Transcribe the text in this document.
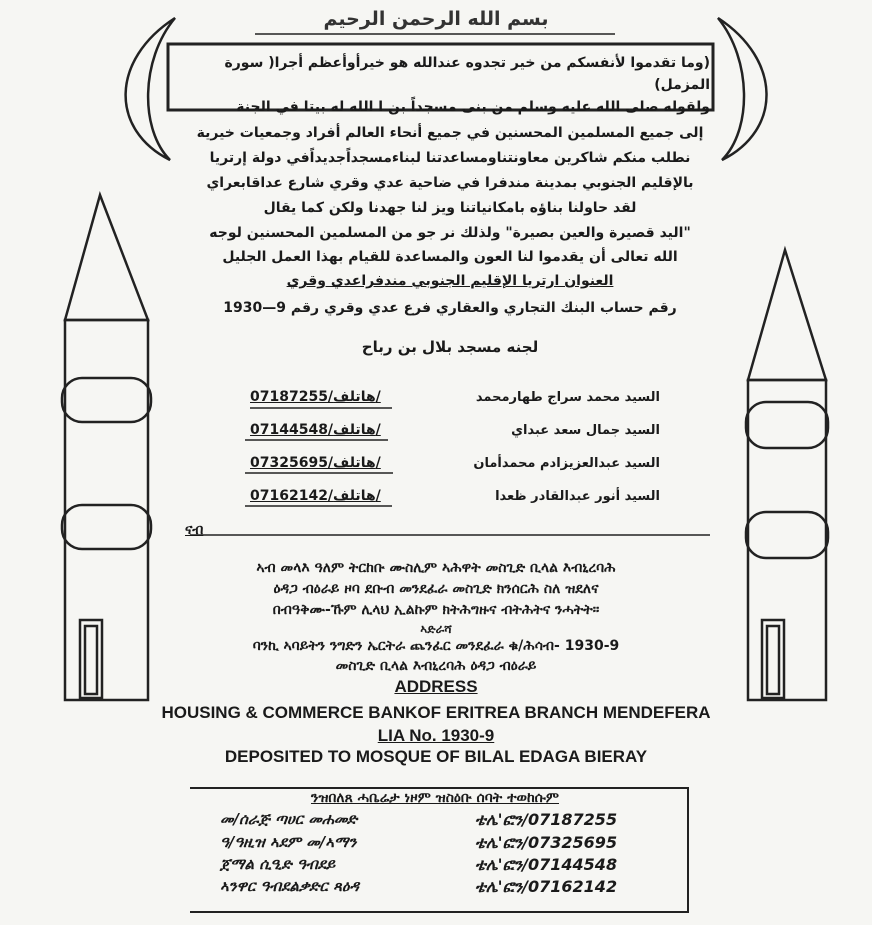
بسم الله الرحمن الرحيم
(وما تقدموا لأنفسكم من خير تجدوه عندالله هو خيرأوأعظم أجرا( سورة المزمل)
ولقوله صلى الله عليه وسلم من بنى مسجداً بن ا الله له بيتا في الجنة
إلى جميع المسلمين المحسنين في جميع أنحاء العالم أفراد وجمعيات خيرية
نطلب منكم شاكرين معاونتناومساعدتنا لبناءمسجداًجديداًفي دولة إرتريا
بالإقليم الجنوبي بمدينة مندفرا في ضاحية عدي وقري شارع عداقابعراي
لقد حاولنا بناؤه بامكانياتنا ويز لنا جهدنا ولكن كما يقال
"اليد قصيرة والعين بصيرة" ولذلك نر جو من المسلمين المحسنين لوجه
الله تعالى أن يقدموا لنا العون والمساعدة للقيام بهذا العمل الجليل
العنوان ارتريا الإقليم الجنوبي مندفراعدي وقري
رقم حساب البنك التجاري والعقاري فرع عدي وقري رقم 9—1930
لجنه مسجد بلال بن رباح
السيد محمد سراج طهارمحمد
07187255/هاتلف/
السيد جمال سعد عبداي
07144548/هاتلف/
السيد عبدالعزيزادم محمدأمان
07325695/هاتلف/
السيد أنور عبدالقادر ظعدا
07162142/هاتلف/
ናብ
ኣብ መላእ ዓለም ትርከቡ ሙስሊም ኣሕዋት መስጊድ ቢላል እብኒረባሕ
ዕዳጋ ብዕራይ ዞባ ደቡብ መንደፈራ መስጊድ ክንሰርሕ ስለ ዝደለና
በብዓቅሙ-ኹም ሊላህ ኢልኩም ክትሕግዙና ብትሕትና ንሓትት።
ኣድራሻ
ባንኪ ኣባይትን ንግድን ኤርትራ ጨንፈር መንደፈራ ቁ/ሕሳብ- 1930-9
መስጊድ ቢላል እብኒረባሕ ዕዳጋ ብዕራይ
ADDRESS
HOUSING & COMMERCE BANKOF ERITREA BRANCH MENDEFERA
LIA No. 1930-9
DEPOSITED TO MOSQUE OF BILAL EDAGA BIERAY
ንዝበለጸ ሓቤሬታ ነዞም ዝስዕቡ ሰባት ተወከሱም
መ/ሰራጅ ጣሀር መሐመድ	ቴሌ'ፎን/07187255
ዓ/ዓዚዝ ኣደም መ/ኣማን	ቴሌ'ፎን/07325695
ጀማል ሲዒድ ዓብደይ	ቴሌ'ፎን/07144548
ኣንዋር ዓብደልቃድር ጻዕዳ	ቴሌ'ፎን/07162142
